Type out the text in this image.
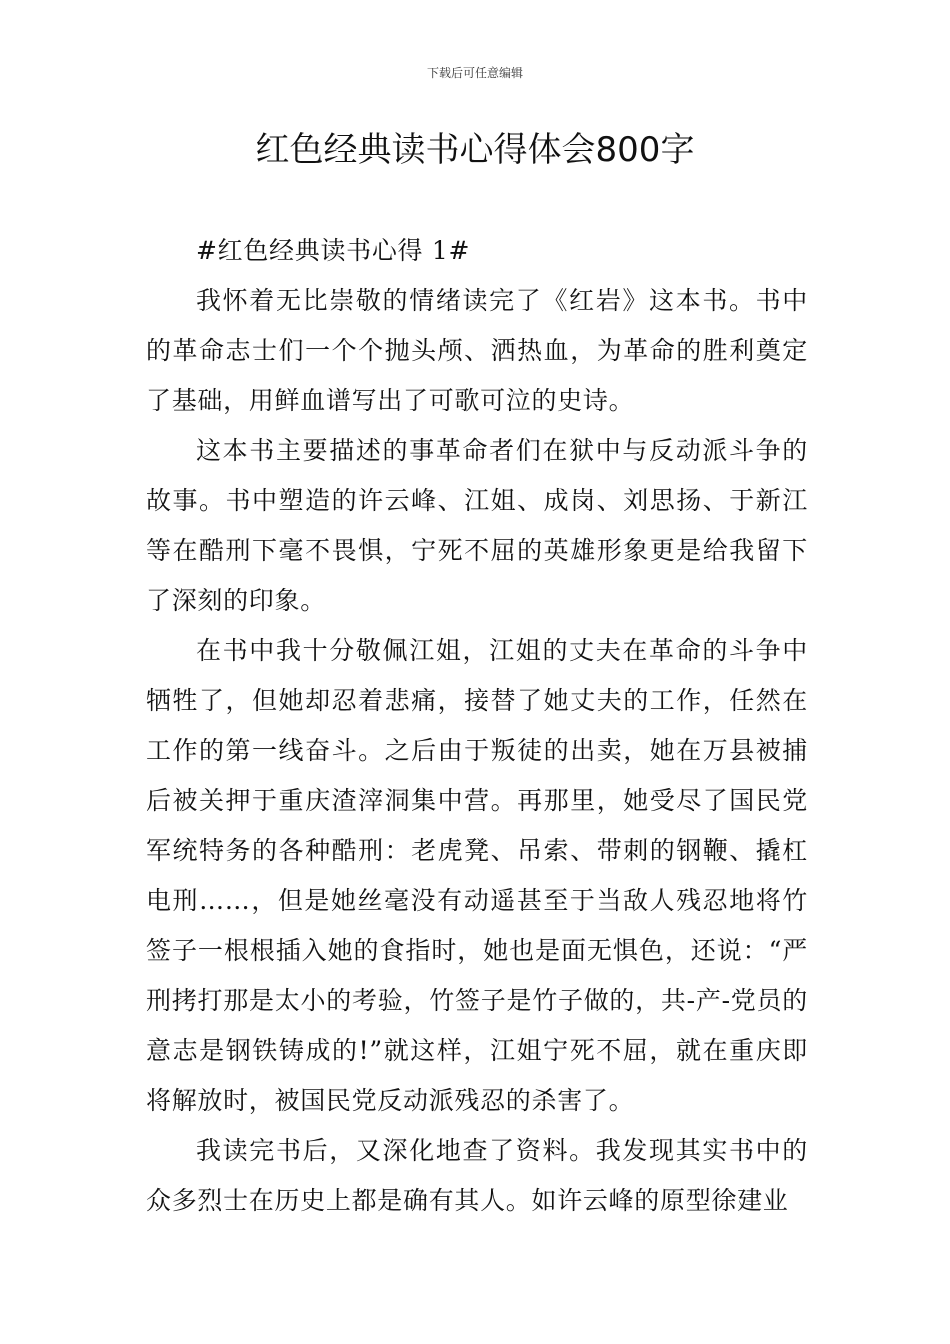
下载后可任意编辑
红色经典读书心得体会800字

#红色经典读书心得 1#

我怀着无比崇敬的情绪读完了《红岩》这本书。书中的革命志士们一个个抛头颅、洒热血，为革命的胜利奠定了基础，用鲜血谱写出了可歌可泣的史诗。

这本书主要描述的事革命者们在狱中与反动派斗争的故事。书中塑造的许云峰、江姐、成岗、刘思扬、于新江等在酷刑下毫不畏惧，宁死不屈的英雄形象更是给我留下了深刻的印象。

在书中我十分敬佩江姐，江姐的丈夫在革命的斗争中牺牲了，但她却忍着悲痛，接替了她丈夫的工作，任然在工作的第一线奋斗。之后由于叛徒的出卖，她在万县被捕后被关押于重庆渣滓洞集中营。再那里，她受尽了国民党军统特务的各种酷刑：老虎凳、吊索、带刺的钢鞭、撬杠电刑……，但是她丝毫没有动遥甚至于当敌人残忍地将竹签子一根根插入她的食指时，她也是面无惧色，还说：“严刑拷打那是太小的考验，竹签子是竹子做的，共-产-党员的意志是钢铁铸成的!”就这样，江姐宁死不屈，就在重庆即将解放时，被国民党反动派残忍的杀害了。

我读完书后，又深化地查了资料。我发现其实书中的众多烈士在历史上都是确有其人。如许云峰的原型徐建业
